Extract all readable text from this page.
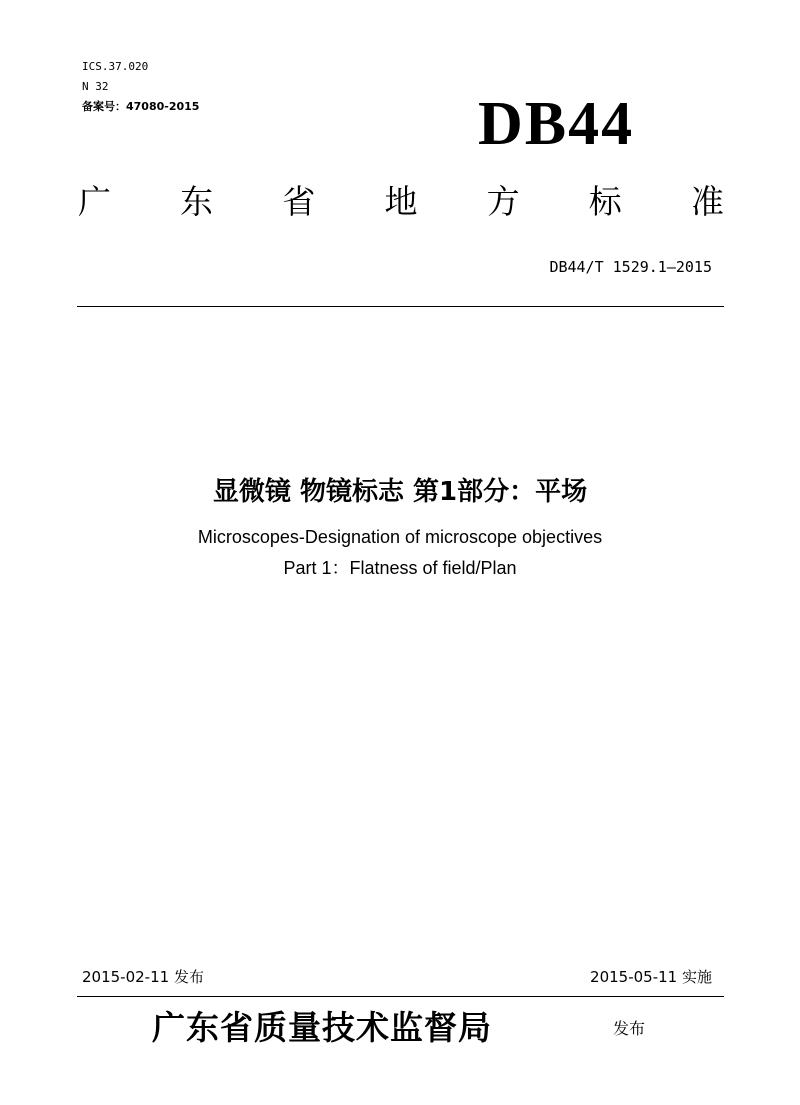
ICS.37.020
N 32
备案号：47080-2015	DB44
广 东 省 地 方 标 准
DB44/T 1529.1—2015
显微镜 物镜标志 第1部分：平场
Microscopes-Designation of microscope objectives
Part 1：Flatness of field/Plan
2015-02-11 发布	2015-05-11 实施
广东省质量技术监督局	发布
